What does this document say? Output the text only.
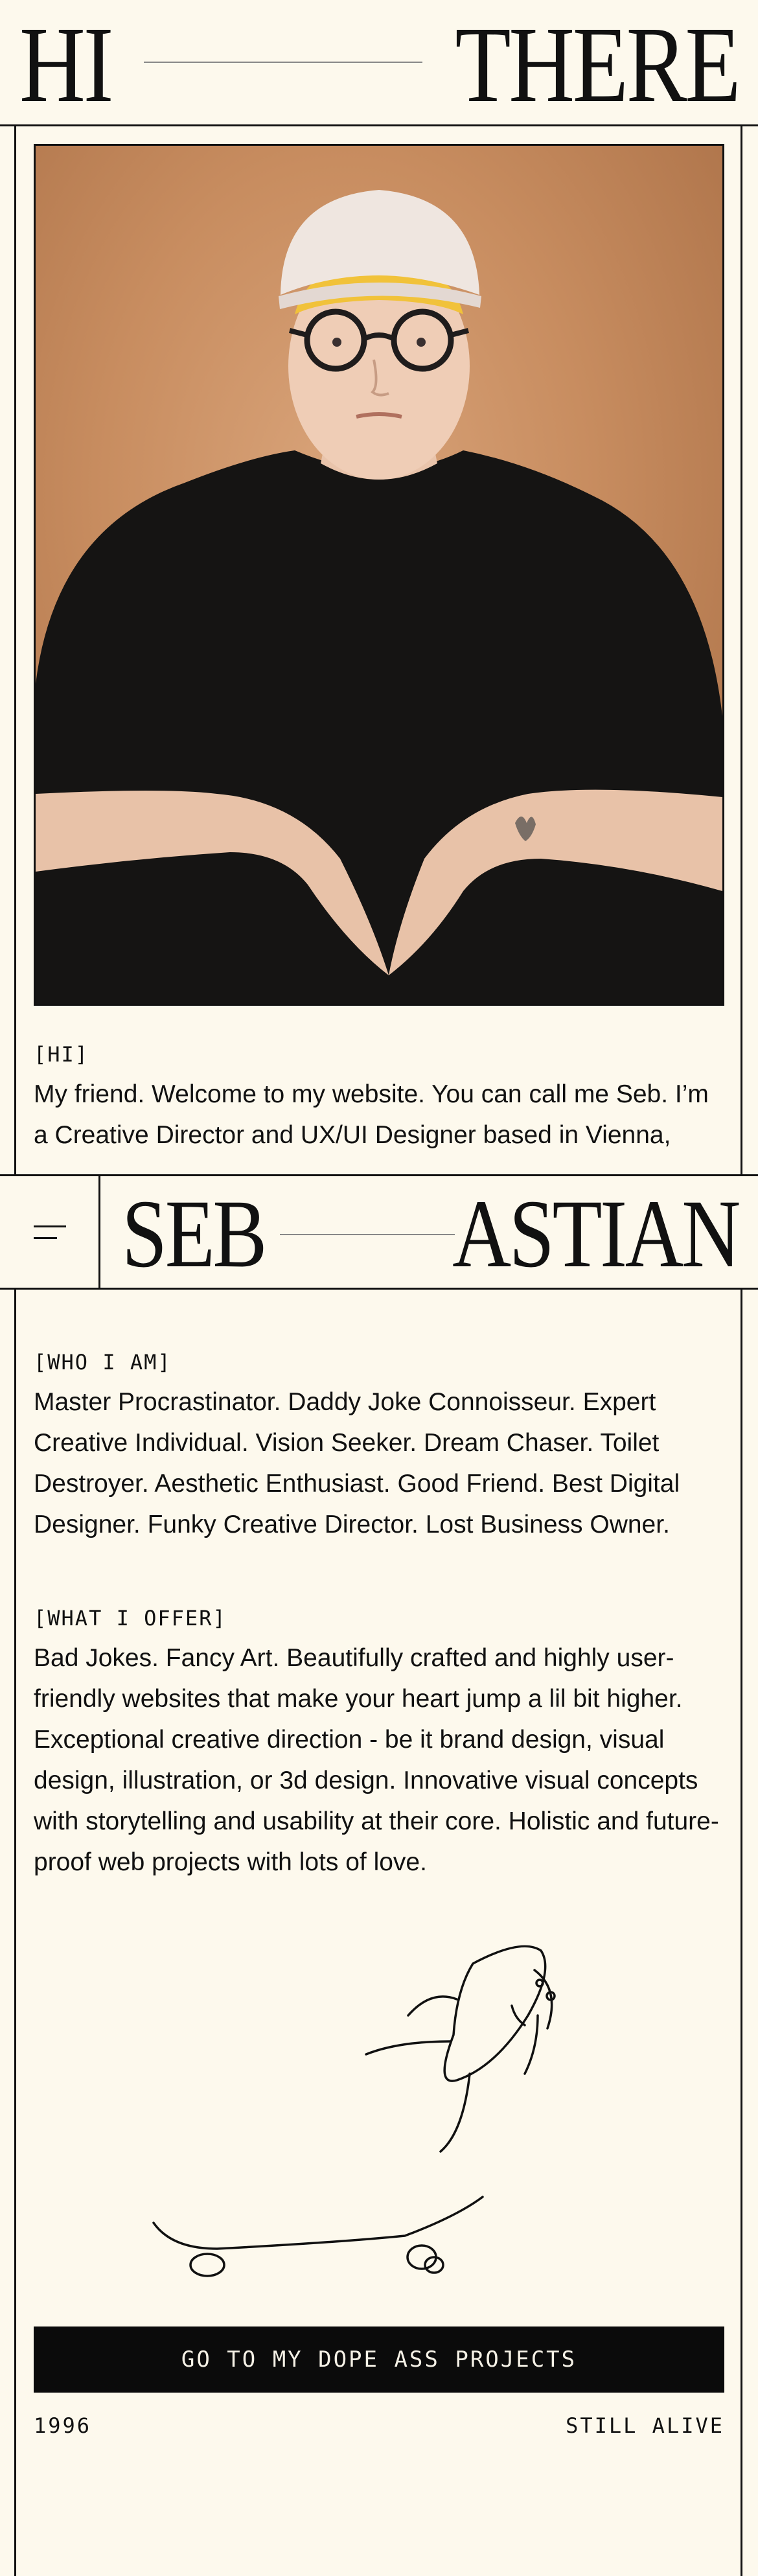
HI	THERE

[HI]

My friend. Welcome to my website. You can call me Seb. I’m a Creative Director and UX/UI Designer based in Vienna,

SEB ASTIAN

[WHO I AM]

Master Procrastinator. Daddy Joke Connoisseur. Expert Creative Individual. Vision Seeker. Dream Chaser. Toilet Destroyer. Aesthetic Enthusiast. Good Friend. Best Digital Designer. Funky Creative Director. Lost Business Owner.

[WHAT I OFFER]

Bad Jokes. Fancy Art. Beautifully crafted and highly user-friendly websites that make your heart jump a lil bit higher. Exceptional creative direction - be it brand design, visual design, illustration, or 3d design. Innovative visual concepts with storytelling and usability at their core. Holistic and future-proof web projects with lots of love.

GO TO MY DOPE ASS PROJECTS
1996	STILL ALIVE
